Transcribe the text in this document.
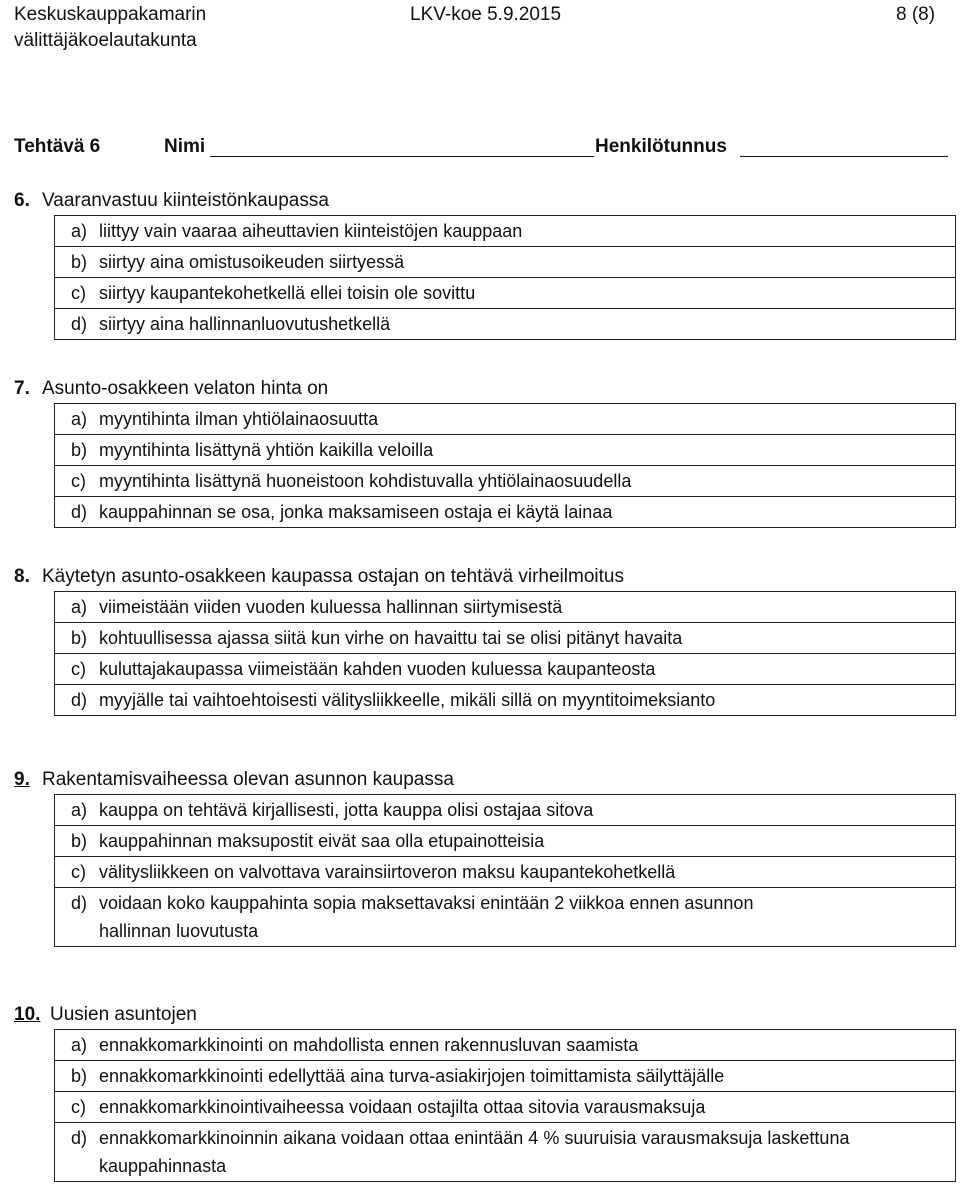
Keskuskauppakamarin
välittäjäkoelautakunta
LKV-koe 5.9.2015	8 (8)
Tehtävä 6	Nimi	Henkilötunnus
6. Vaaranvastuu kiinteistönkaupassa
a) liittyy vain vaaraa aiheuttavien kiinteistöjen kauppaan
b) siirtyy aina omistusoikeuden siirtyessä
c) siirtyy kaupantekohetkellä ellei toisin ole sovittu
d) siirtyy aina hallinnanluovutushetkellä
7. Asunto-osakkeen velaton hinta on
a) myyntihinta ilman yhtiölainaosuutta
b) myyntihinta lisättynä yhtiön kaikilla veloilla
c) myyntihinta lisättynä huoneistoon kohdistuvalla yhtiölainaosuudella
d) kauppahinnan se osa, jonka maksamiseen ostaja ei käytä lainaa
8. Käytetyn asunto-osakkeen kaupassa ostajan on tehtävä virheilmoitus
a) viimeistään viiden vuoden kuluessa hallinnan siirtymisestä
b) kohtuullisessa ajassa siitä kun virhe on havaittu tai se olisi pitänyt havaita
c) kuluttajakaupassa viimeistään kahden vuoden kuluessa kaupanteosta
d) myyjälle tai vaihtoehtoisesti välitysliikkeelle, mikäli sillä on myyntitoimeksianto
9. Rakentamisvaiheessa olevan asunnon kaupassa
a) kauppa on tehtävä kirjallisesti, jotta kauppa olisi ostajaa sitova
b) kauppahinnan maksupostit eivät saa olla etupainotteisia
c) välitysliikkeen on valvottava varainsiirtoveron maksu kaupantekohetkellä
d) voidaan koko kauppahinta sopia maksettavaksi enintään 2 viikkoa ennen asunnon hallinnan luovutusta
10. Uusien asuntojen
a) ennakkomarkkinointi on mahdollista ennen rakennusluvan saamista
b) ennakkomarkkinointi edellyttää aina turva-asiakirjojen toimittamista säilyttäjälle
c) ennakkomarkkinointivaiheessa voidaan ostajilta ottaa sitovia varausmaksuja
d) ennakkomarkkinoinnin aikana voidaan ottaa enintään 4 % suuruisia varausmaksuja laskettuna kauppahinnasta
